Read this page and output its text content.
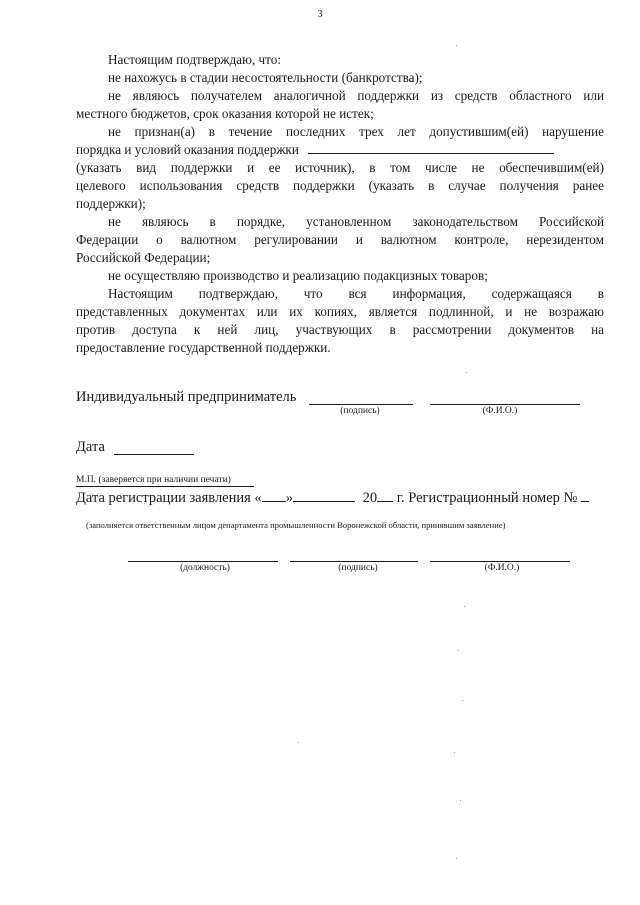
3
Настоящим подтверждаю, что:
не нахожусь в стадии несостоятельности (банкротства);
не являюсь получателем аналогичной поддержки из средств областного или
местного бюджетов, срок оказания которой не истек;
не признан(а) в течение последних трех лет допустившим(ей) нарушение
порядка и условий оказания поддержки
(указать вид поддержки и ее источник), в том числе не обеспечившим(ей)
целевого использования средств поддержки (указать в случае получения ранее
поддержки);
не являюсь в порядке, установленном законодательством Российской
Федерации о валютном регулировании и валютном контроле, нерезидентом
Российской Федерации;
не осуществляю производство и реализацию подакцизных товаров;
Настоящим подтверждаю, что вся информация, содержащаяся в
представленных документах или их копиях, является подлинной, и не возражаю
против доступа к ней лиц, участвующих в рассмотрении документов на
предоставление государственной поддержки.
Индивидуальный предприниматель
(подпись)	(Ф.И.О.)
Дата
М.П. (заверяется при наличии печати)
Дата регистрации заявления « »	20 г. Регистрационный номер №
(заполняется ответственным лицом департамента промышленности Воронежской области, принявшим заявление)
(должность)	(подпись)	(Ф.И.О.)
